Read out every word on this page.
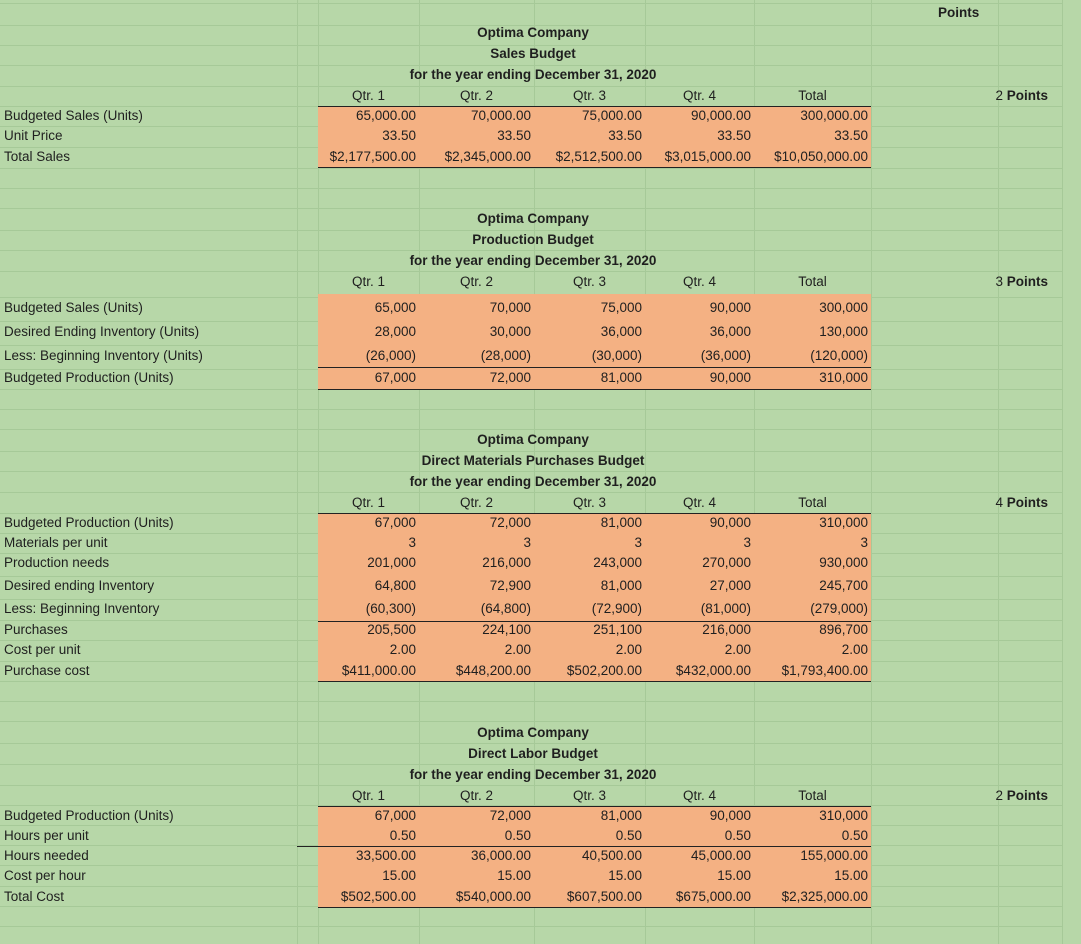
Points
Optima Company
Sales Budget
for the year ending December 31, 2020
Qtr. 1	Qtr. 2	Qtr. 3	Qtr. 4	Total
Budgeted Sales (Units)	65,000.00	70,000.00	75,000.00	90,000.00	300,000.00
Unit Price	33.50	33.50	33.50	33.50	33.50
Total Sales	$2,177,500.00	$2,345,000.00	$2,512,500.00	$3,015,000.00	$10,050,000.00
2 Points
Optima Company
Production Budget
for the year ending December 31, 2020
Qtr. 1	Qtr. 2	Qtr. 3	Qtr. 4	Total
Budgeted Sales (Units)	65,000	70,000	75,000	90,000	300,000
Desired Ending Inventory (Units)	28,000	30,000	36,000	36,000	130,000
Less: Beginning Inventory (Units)	(26,000)	(28,000)	(30,000)	(36,000)	(120,000)
Budgeted Production (Units)	67,000	72,000	81,000	90,000	310,000
3 Points
Optima Company
Direct Materials Purchases Budget
for the year ending December 31, 2020
Qtr. 1	Qtr. 2	Qtr. 3	Qtr. 4	Total
Budgeted Production (Units)	67,000	72,000	81,000	90,000	310,000
Materials per unit	3	3	3	3	3
Production needs	201,000	216,000	243,000	270,000	930,000
Desired ending Inventory	64,800	72,900	81,000	27,000	245,700
Less: Beginning Inventory	(60,300)	(64,800)	(72,900)	(81,000)	(279,000)
Purchases	205,500	224,100	251,100	216,000	896,700
Cost per unit	2.00	2.00	2.00	2.00	2.00
Purchase cost	$411,000.00	$448,200.00	$502,200.00	$432,000.00	$1,793,400.00
4 Points
Optima Company
Direct Labor Budget
for the year ending December 31, 2020
Qtr. 1	Qtr. 2	Qtr. 3	Qtr. 4	Total
Budgeted Production (Units)	67,000	72,000	81,000	90,000	310,000
Hours per unit	0.50	0.50	0.50	0.50	0.50
Hours needed	33,500.00	36,000.00	40,500.00	45,000.00	155,000.00
Cost per hour	15.00	15.00	15.00	15.00	15.00
Total Cost	$502,500.00	$540,000.00	$607,500.00	$675,000.00	$2,325,000.00
2 Points
